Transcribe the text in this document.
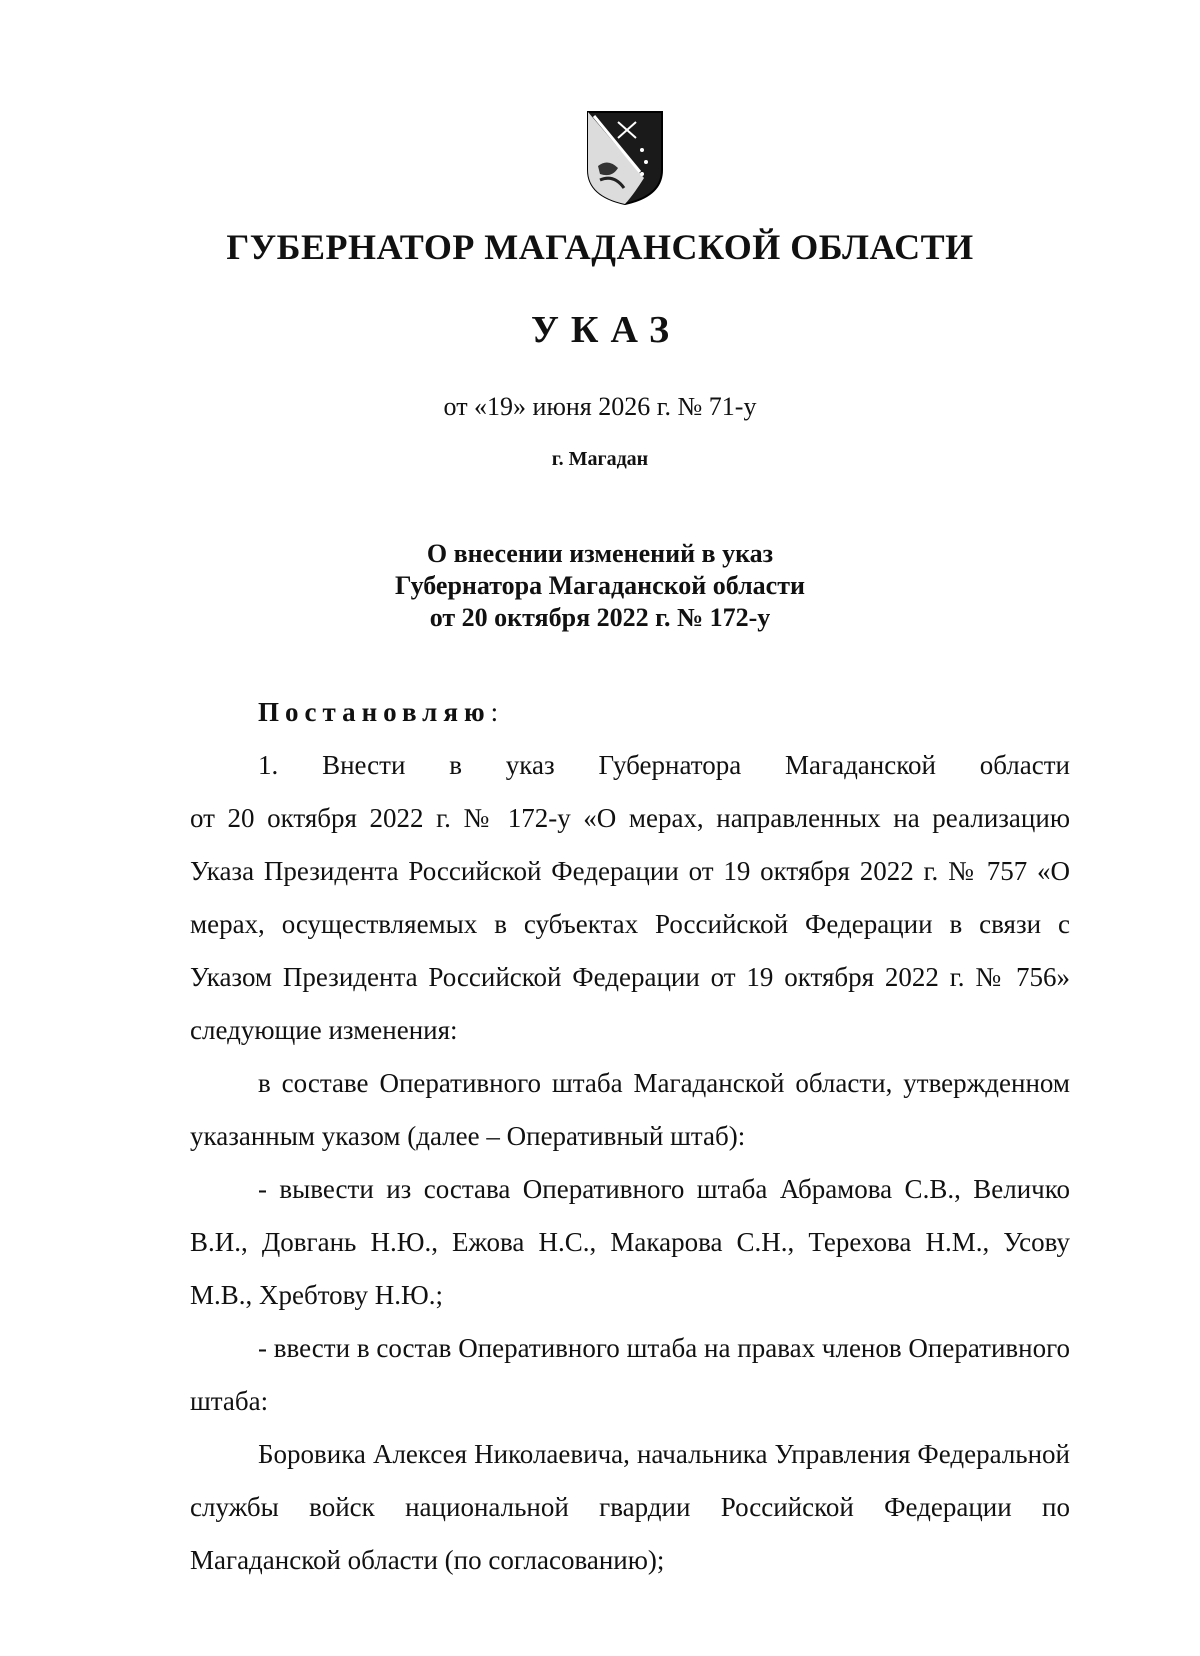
ГУБЕРНАТОР МАГАДАНСКОЙ ОБЛАСТИ
УКАЗ
от «19» июня 2026 г. № 71-у
г. Магадан
О внесении изменений в указ
Губернатора Магаданской области
от 20 октября 2022 г. № 172-у

Постановляю:

1. Внести в указ Губернатора Магаданской области

от 20 октября 2022 г. № 172-у «О мерах, направленных на реализацию Указа Президента Российской Федерации от 19 октября 2022 г. № 757 «О мерах, осуществляемых в субъектах Российской Федерации в связи с Указом Президента Российской Федерации от 19 октября 2022 г. № 756» следующие изменения:

в составе Оперативного штаба Магаданской области, утвержденном указанным указом (далее – Оперативный штаб):

- вывести из состава Оперативного штаба Абрамова С.В., Величко В.И., Довгань Н.Ю., Ежова Н.С., Макарова С.Н., Терехова Н.М., Усову М.В., Хребтову Н.Ю.;

- ввести в состав Оперативного штаба на правах членов Оперативного штаба:

Боровика Алексея Николаевича, начальника Управления Федеральной службы войск национальной гвардии Российской Федерации по Магаданской области (по согласованию);
